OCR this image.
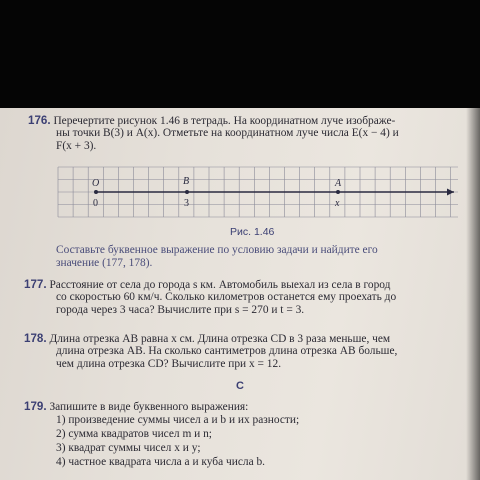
176. Перечертите рисунок 1.46 в тетрадь. На координатном луче изображе-
ны точки B(3) и A(x). Отметьте на координатном луче числа E(x − 4) и
F(x + 3).
O	B	A
0	3	x
Рис. 1.46
Составьте буквенное выражение по условию задачи и найдите его
значение (177, 178).
177. Расстояние от села до города s км. Автомобиль выехал из села в город
со скоростью 60 км/ч. Сколько километров останется ему проехать до
города через 3 часа? Вычислите при s = 270 и t = 3.
178. Длина отрезка AB равна x см. Длина отрезка CD в 3 раза меньше, чем
длина отрезка AB. На сколько сантиметров длина отрезка AB больше,
чем длина отрезка CD? Вычислите при x = 12.
C
179. Запишите в виде буквенного выражения:
1) произведение суммы чисел a и b и их разности;
2) сумма квадратов чисел m и n;
3) квадрат суммы чисел x и y;
4) частное квадрата числа a и куба числа b.
